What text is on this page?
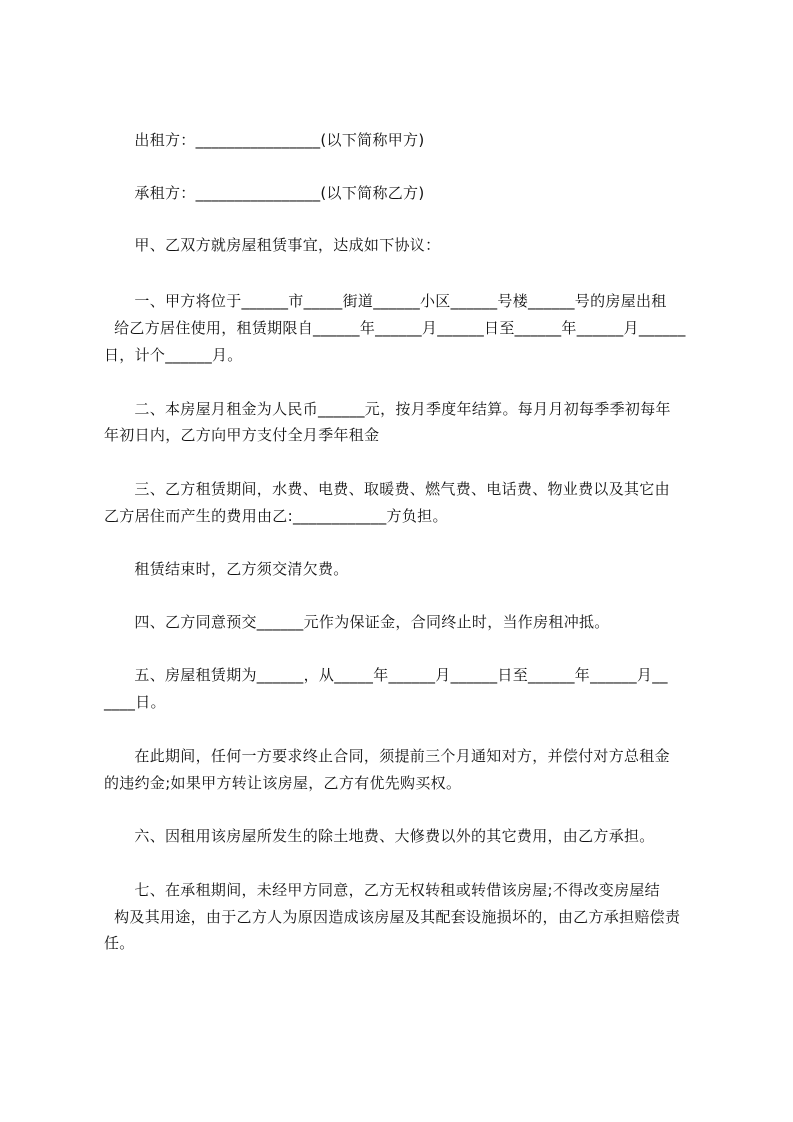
出租方：________________(以下简称甲方)
承租方：________________(以下简称乙方)
甲、乙双方就房屋租赁事宜，达成如下协议：
一、甲方将位于______市_____街道______小区______号楼______号的房屋出租
给乙方居住使用，租赁期限自______年______月______日至______年______月______
日，计个______月。
二、本房屋月租金为人民币______元，按月季度年结算。每月月初每季季初每年
年初日内，乙方向甲方支付全月季年租金
三、乙方租赁期间，水费、电费、取暖费、燃气费、电话费、物业费以及其它由
乙方居住而产生的费用由乙:____________方负担。
租赁结束时，乙方须交清欠费。
四、乙方同意预交______元作为保证金，合同终止时，当作房租冲抵。
五、房屋租赁期为______，从_____年______月______日至______年______月__
____日。
在此期间，任何一方要求终止合同，须提前三个月通知对方，并偿付对方总租金
的违约金;如果甲方转让该房屋，乙方有优先购买权。
六、因租用该房屋所发生的除土地费、大修费以外的其它费用，由乙方承担。
七、在承租期间，未经甲方同意，乙方无权转租或转借该房屋;不得改变房屋结
构及其用途，由于乙方人为原因造成该房屋及其配套设施损坏的，由乙方承担赔偿责
任。
